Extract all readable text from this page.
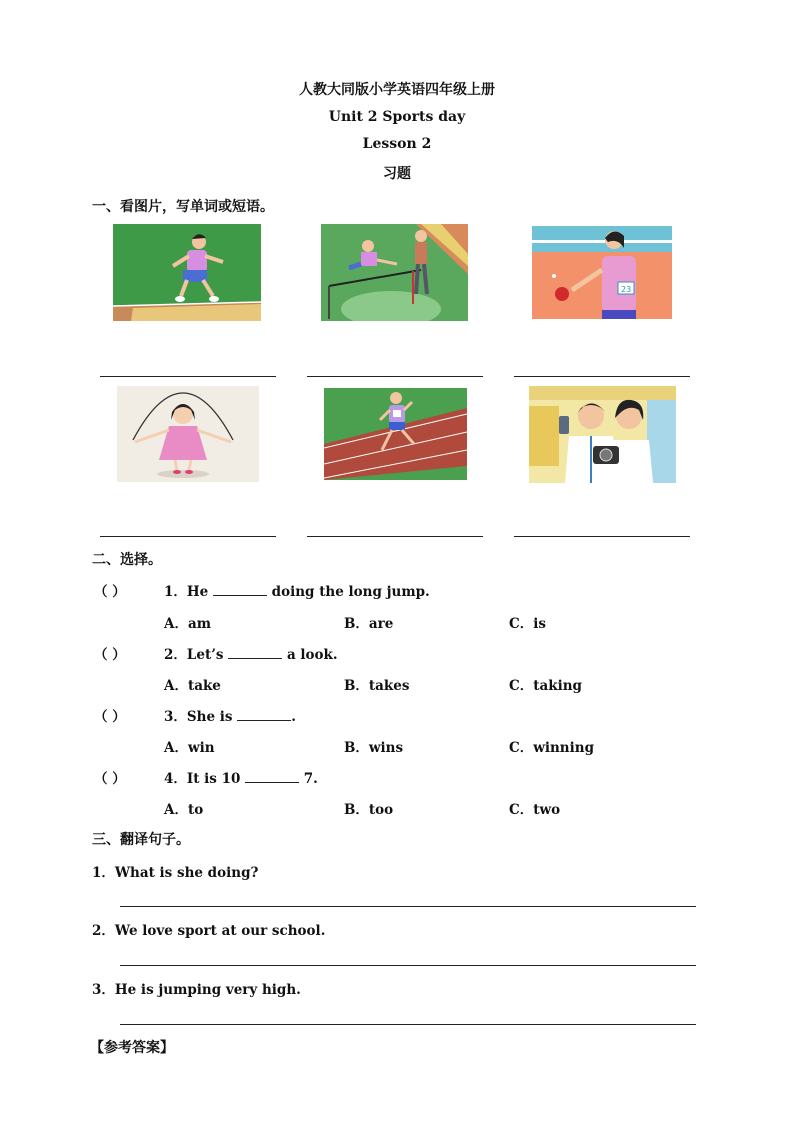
人教大同版小学英语四年级上册
Unit 2 Sports day
Lesson 2
习题
一、看图片，写单词或短语。
23
二、选择。
（ ）	1．He	doing the long jump.
A．am	B．are	C．is
（ ）	2．Let’s	a look.
A．take	B．takes	C．taking
（ ）	3．She is	.
A．win	B．wins	C．winning
（ ）	4．It is 10	7.
A．to	B．too	C．two
三、翻译句子。
1．What is she doing?
2．We love sport at our school.
3．He is jumping very high.
【参考答案】
